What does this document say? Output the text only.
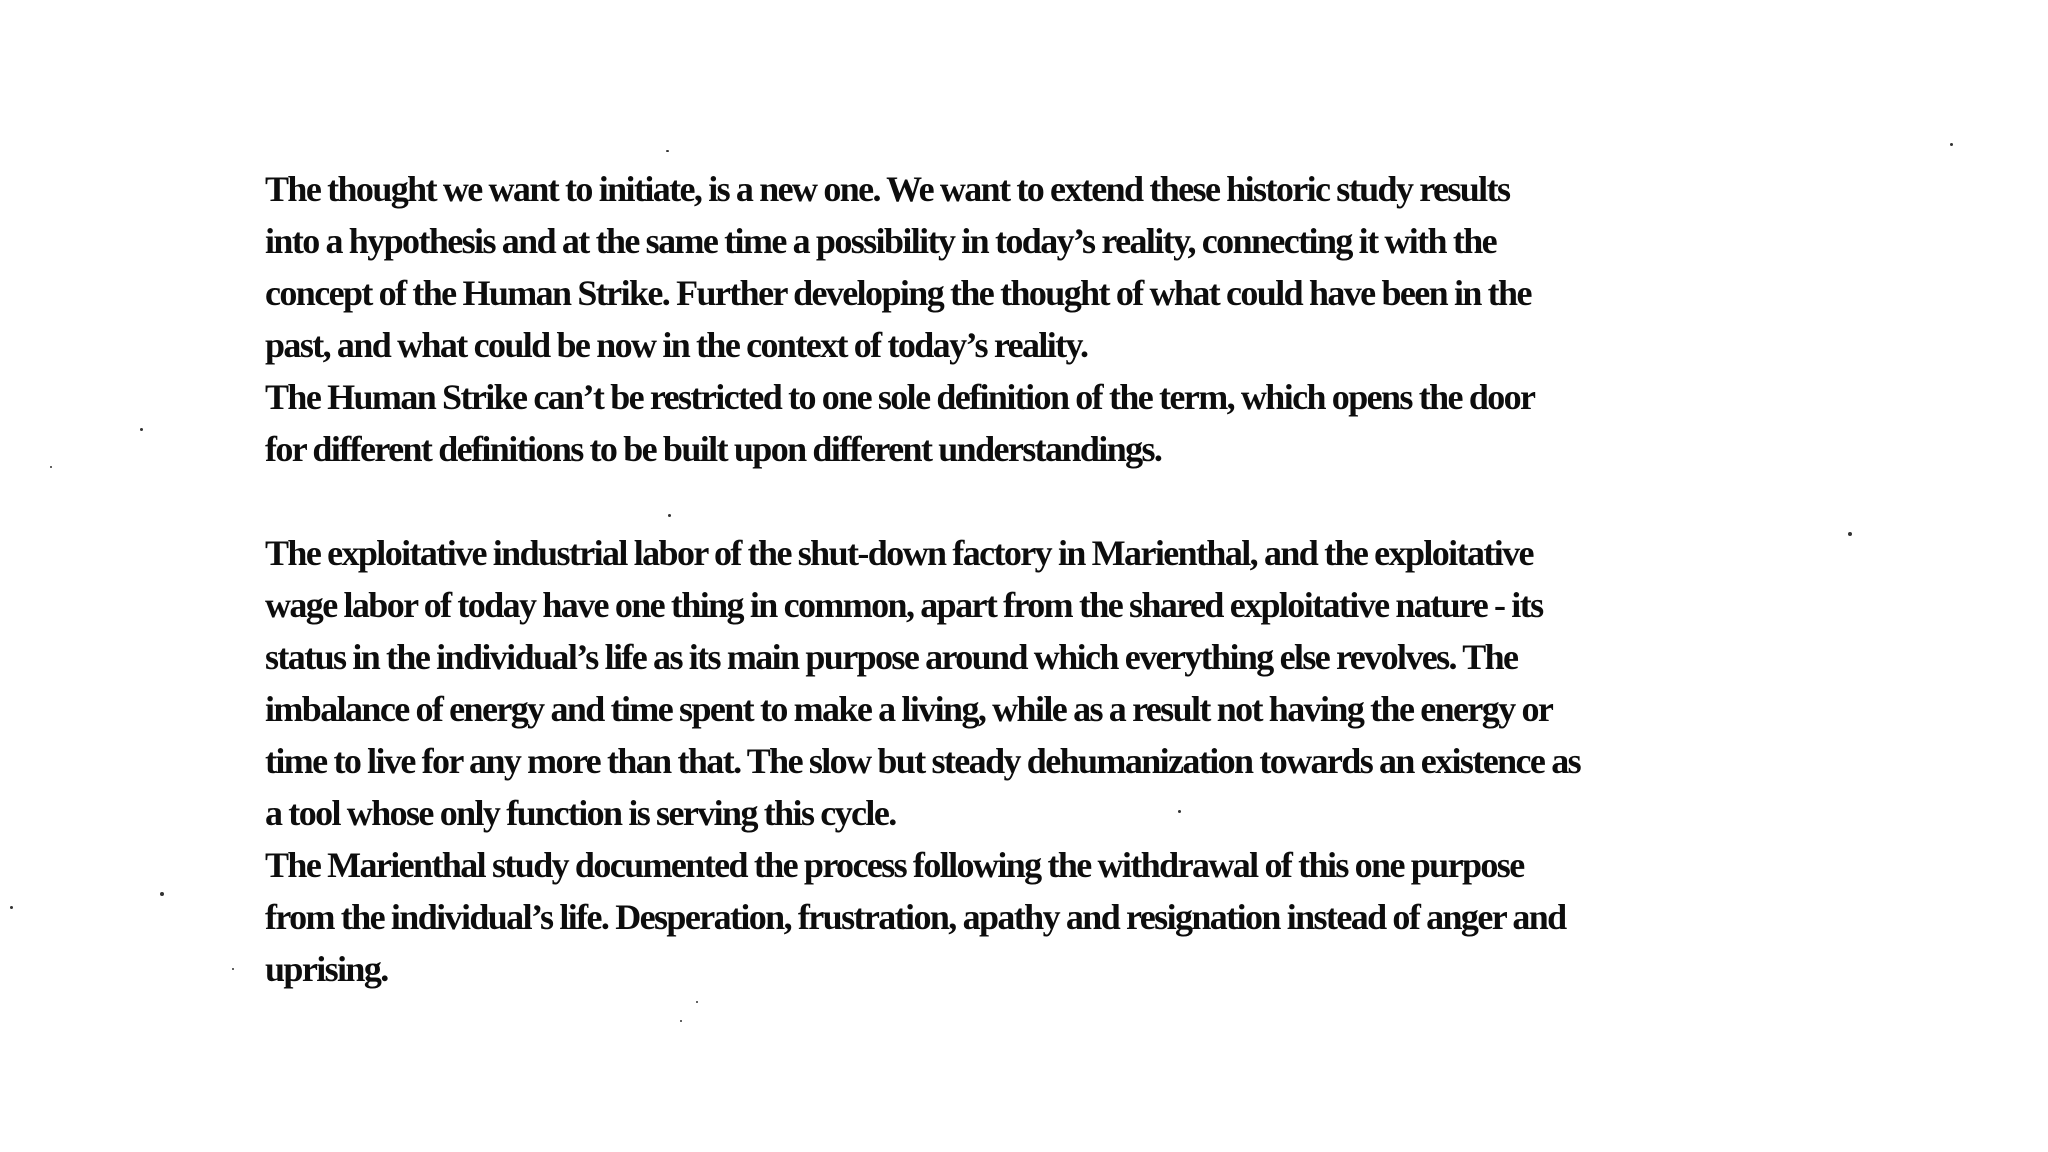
The thought we want to initiate, is a new one. We want to extend these historic study results
into a hypothesis and at the same time a possibility in today’s reality, connecting it with the
concept of the Human Strike. Further developing the thought of what could have been in the
past, and what could be now in the context of today’s reality.
The Human Strike can’t be restricted to one sole definition of the term, which opens the door
for different definitions to be built upon different understandings.
The exploitative industrial labor of the shut-down factory in Marienthal, and the exploitative
wage labor of today have one thing in common, apart from the shared exploitative nature - its
status in the individual’s life as its main purpose around which everything else revolves. The
imbalance of energy and time spent to make a living, while as a result not having the energy or
time to live for any more than that. The slow but steady dehumanization towards an existence as
a tool whose only function is serving this cycle.
The Marienthal study documented the process following the withdrawal of this one purpose
from the individual’s life. Desperation, frustration, apathy and resignation instead of anger and
uprising.
